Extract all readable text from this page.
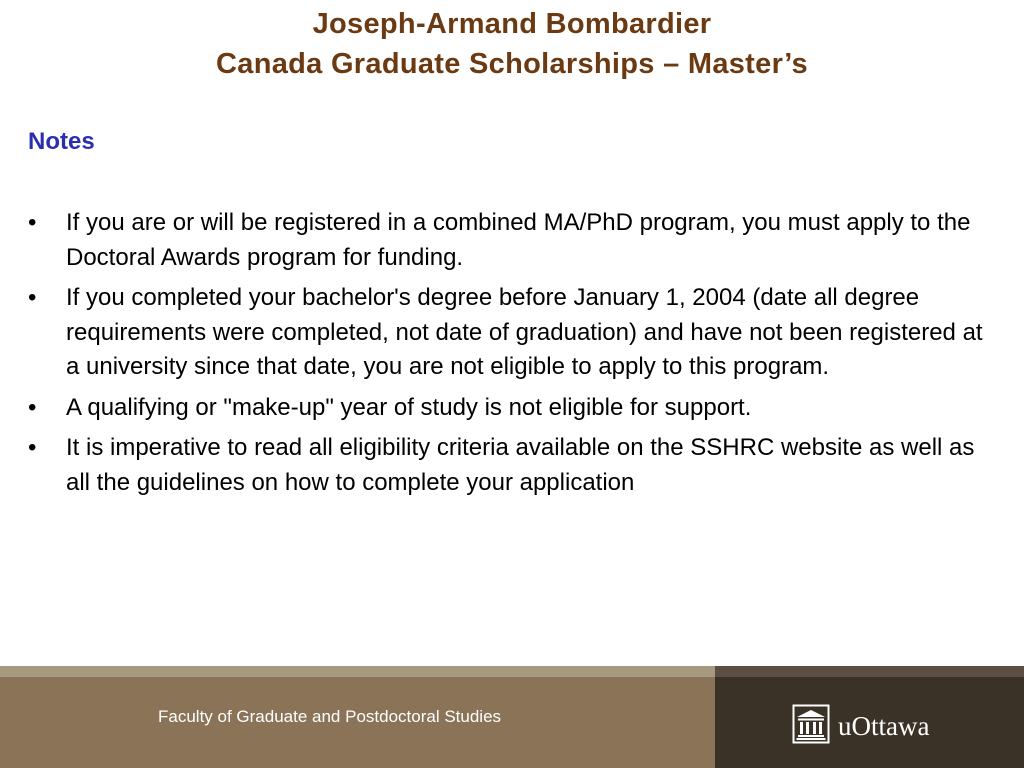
Joseph-Armand Bombardier
Canada Graduate Scholarships – Master’s
Notes
• If you are or will be registered in a combined MA/PhD program, you must apply to the Doctoral Awards program for funding.
• If you completed your bachelor's degree before January 1, 2004 (date all degree requirements were completed, not date of graduation) and have not been registered at a university since that date, you are not eligible to apply to this program.
• A qualifying or "make-up" year of study is not eligible for support.
• It is imperative to read all eligibility criteria available on the SSHRC website as well as all the guidelines on how to complete your application
Faculty of Graduate and Postdoctoral Studies	uOttawa
